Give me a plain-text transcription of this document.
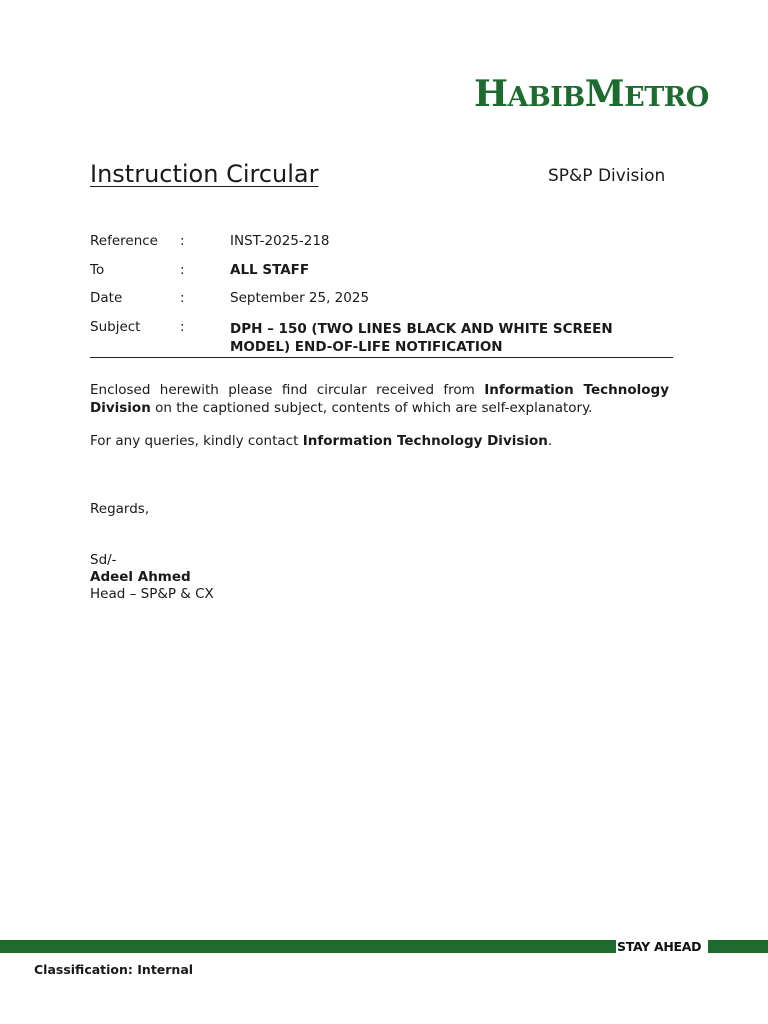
HABIBMETRO
Instruction Circular	SP&P Division
Reference :	INST-2025-218
To	:	ALL STAFF
Date	:	September 25, 2025
Subject	:	DPH – 150 (TWO LINES BLACK AND WHITE SCREEN MODEL) END-OF-LIFE NOTIFICATION
Enclosed herewith please find circular received from Information Technology Division on the captioned subject, contents of which are self-explanatory.
For any queries, kindly contact Information Technology Division.
Regards,
Sd/-
Adeel Ahmed
Head – SP&P & CX
STAY AHEAD
Classification: Internal
